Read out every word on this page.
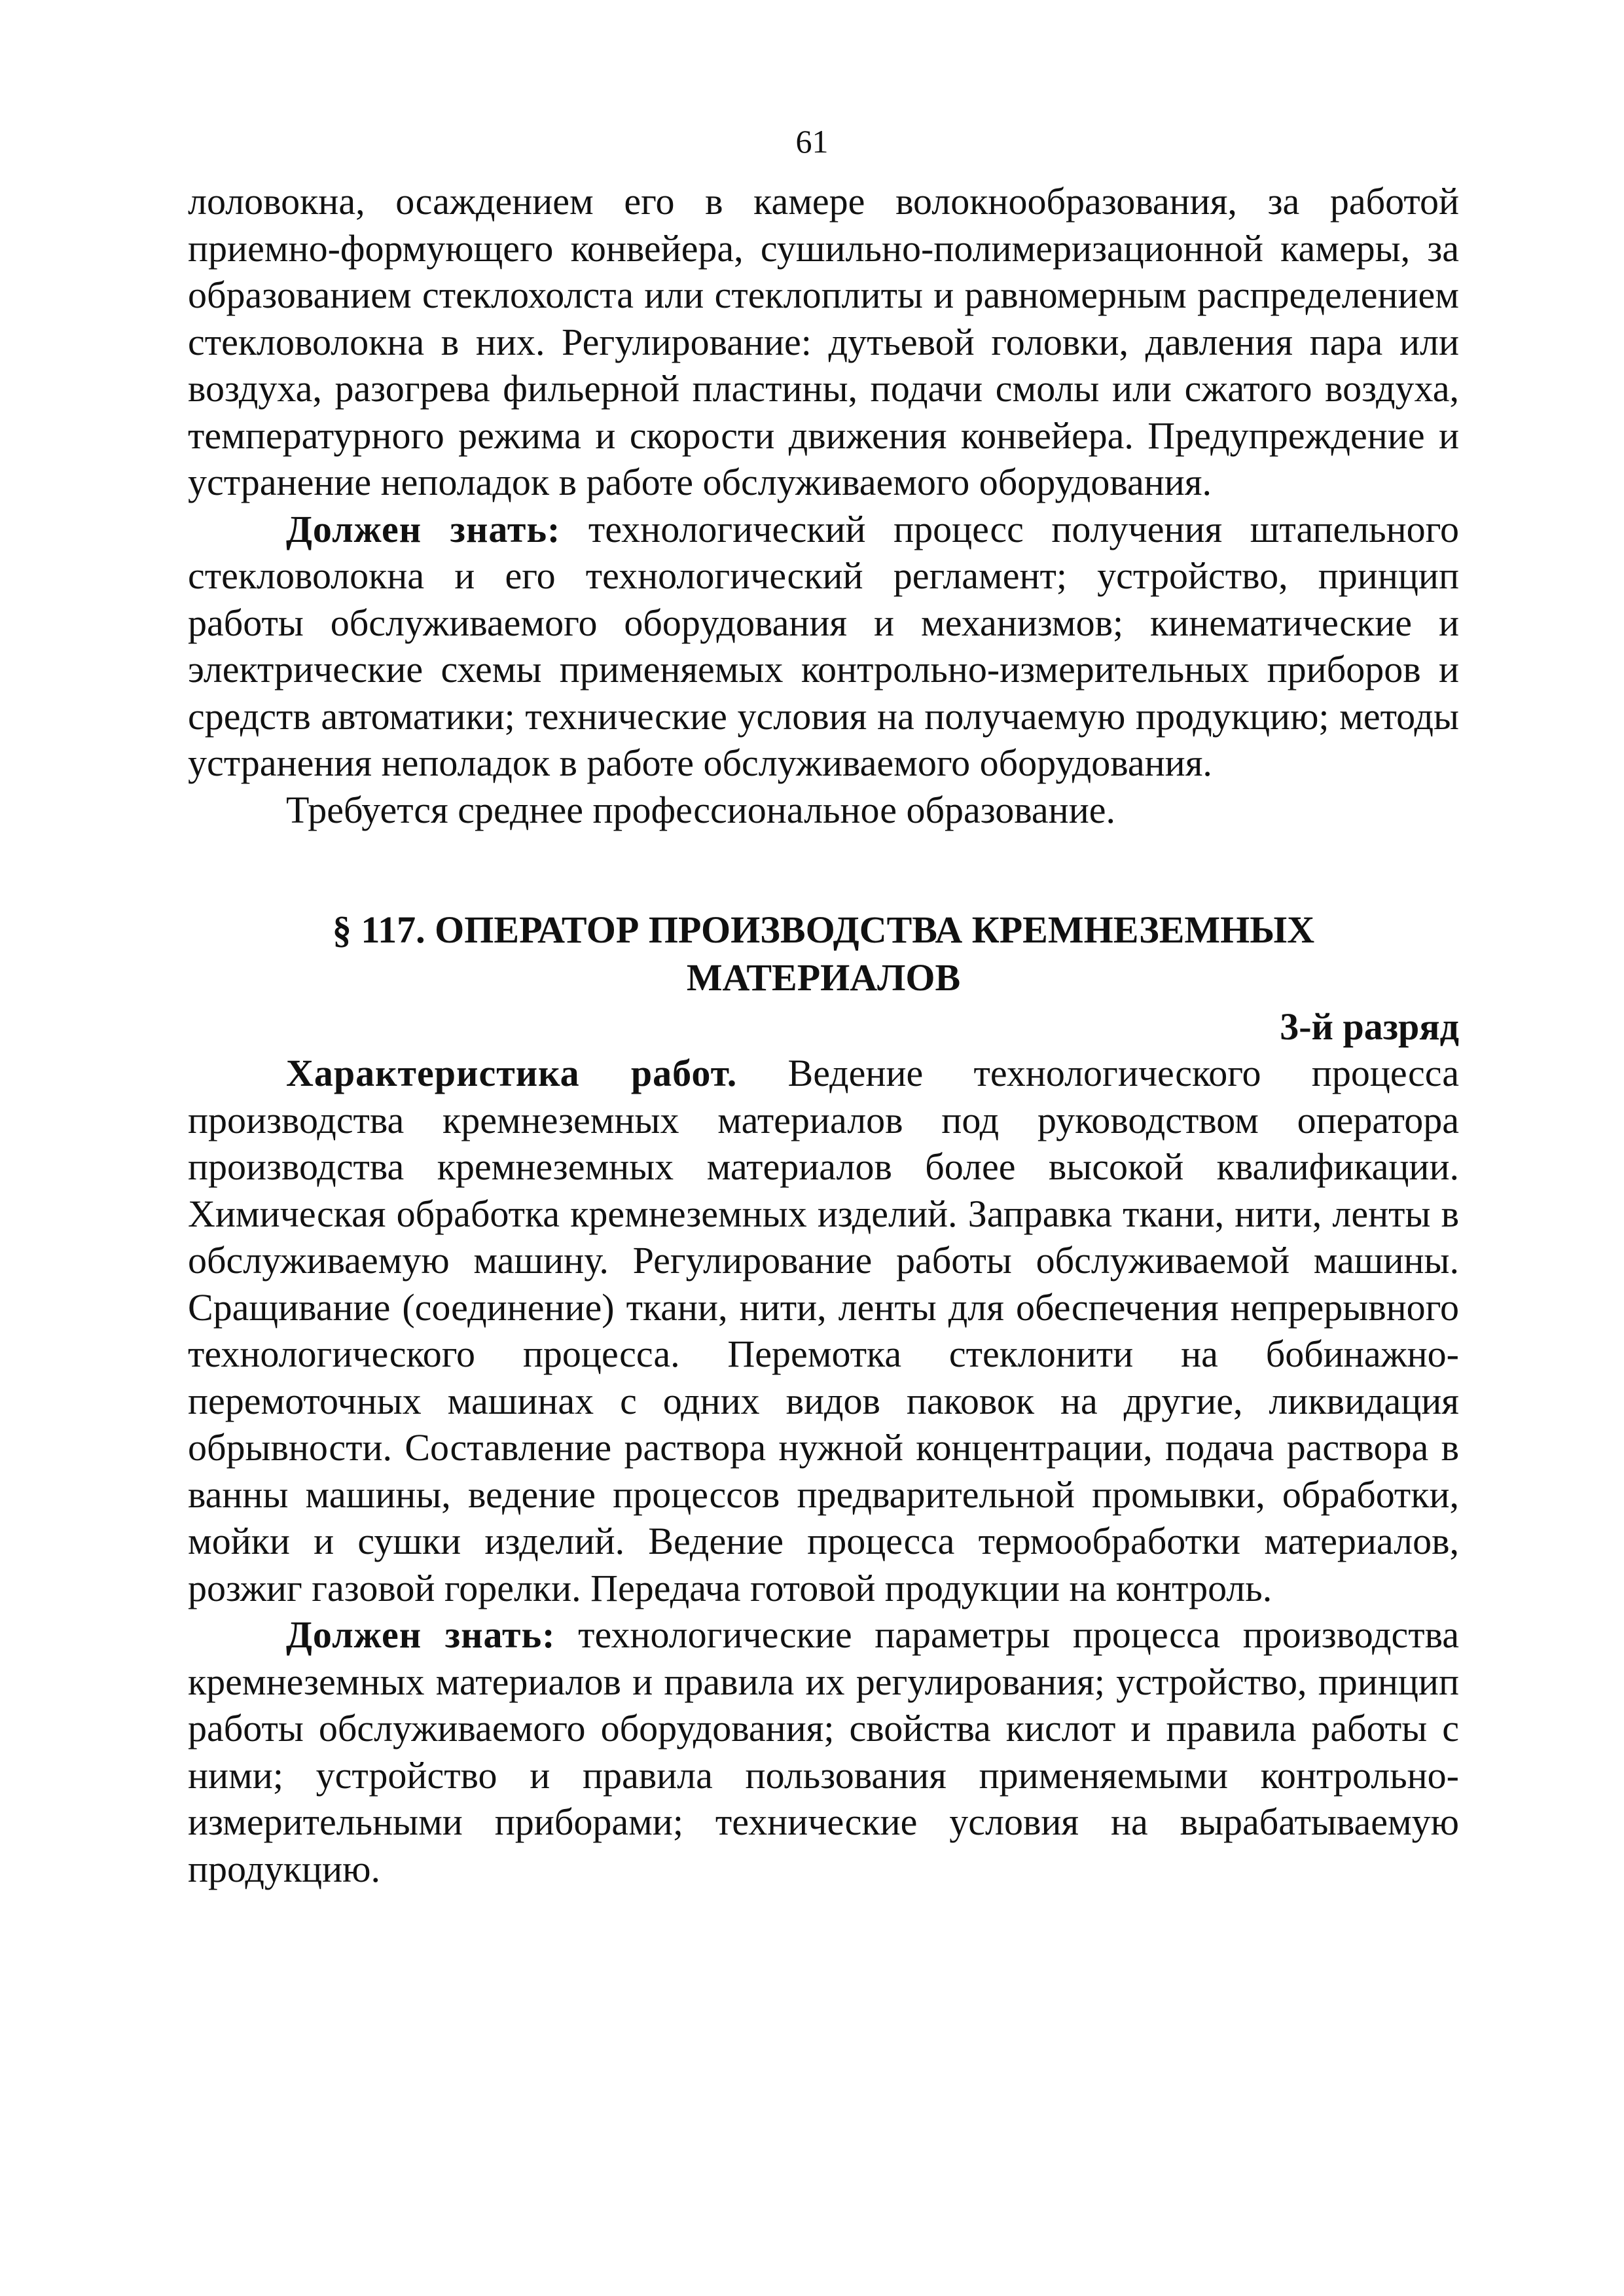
61

лоловокна, осаждением его в камере волокнообразования, за работой приемно-формующего конвейера, сушильно-полимеризационной камеры, за образованием стеклохолста или стеклоплиты и равномерным распределением стекловолокна в них. Регулирование: дутьевой головки, давления пара или воздуха, разогрева фильерной пластины, подачи смолы или сжатого воздуха, температурного режима и скорости движения конвейера. Предупреждение и устранение неполадок в работе обслуживаемого оборудования.

Должен знать: технологический процесс получения штапельного стекловолокна и его технологический регламент; устройство, принцип работы обслуживаемого оборудования и механизмов; кинематические и электрические схемы применяемых контрольно-измерительных приборов и средств автоматики; технические условия на получаемую продукцию; методы устранения неполадок в работе обслуживаемого оборудования.

Требуется среднее профессиональное образование.

§ 117. ОПЕРАТОР ПРОИЗВОДСТВА КРЕМНЕЗЕМНЫХ
МАТЕРИАЛОВ
3-й разряд

Характеристика работ. Ведение технологического процесса производства кремнеземных материалов под руководством оператора производства кремнеземных материалов более высокой квалификации. Химическая обработка кремнеземных изделий. Заправка ткани, нити, ленты в обслуживаемую машину. Регулирование работы обслуживаемой машины. Сращивание (соединение) ткани, нити, ленты для обеспечения непрерывного технологического процесса. Перемотка стеклонити на бобинажно-перемоточных машинах с одних видов паковок на другие, ликвидация обрывности. Составление раствора нужной концентрации, подача раствора в ванны машины, ведение процессов предварительной промывки, обработки, мойки и сушки изделий. Ведение процесса термообработки материалов, розжиг газовой горелки. Передача готовой продукции на контроль.

Должен знать: технологические параметры процесса производства кремнеземных материалов и правила их регулирования; устройство, принцип работы обслуживаемого оборудования; свойства кислот и правила работы с ними; устройство и правила пользования применяемыми контрольно-измерительными приборами; технические условия на вырабатываемую продукцию.
